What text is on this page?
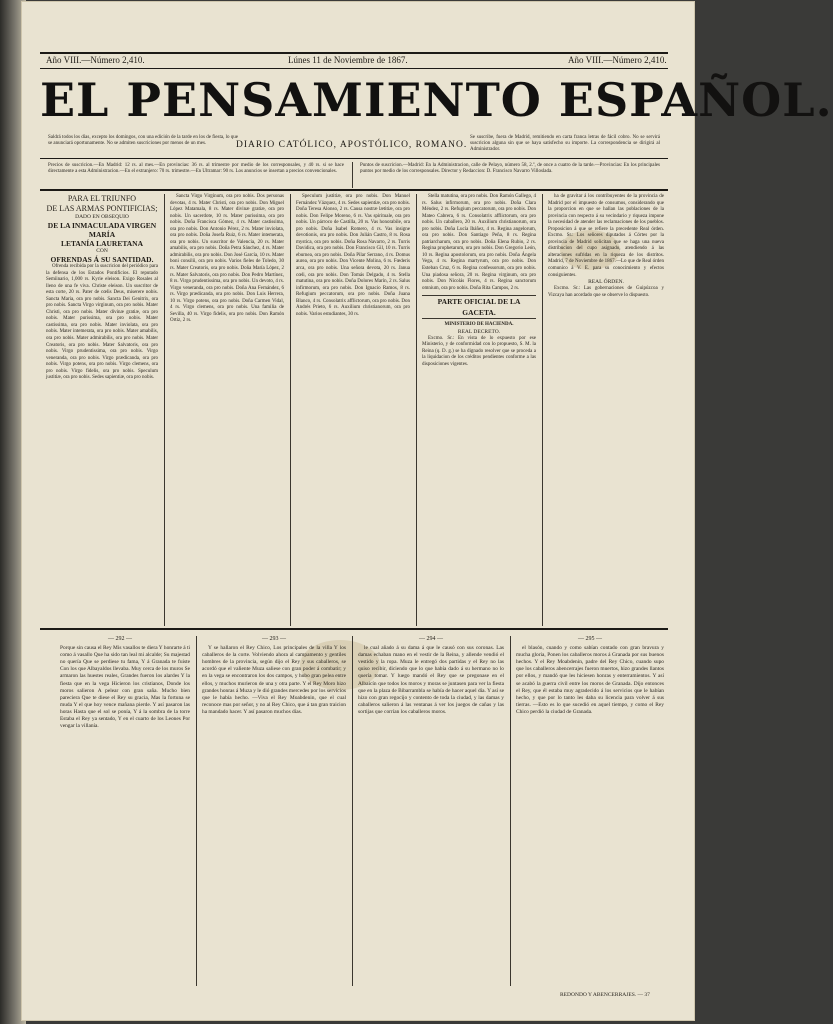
Año VIII.—Número 2,410.	Lúnes 11 de Noviembre de 1867.	Año VIII.—Número 2,410.
EL PENSAMIENTO ESPAÑOL.
Saldrá todos los días, excepto los domingos, con una edición de la tarde en los de fiesta, lo que se anunciará oportunamente. No se admiten suscriciones por menos de un mes.	DIARIO CATÓLICO, APOSTÓLICO, ROMANO.
Se suscribe, fuera de Madrid, remitiendo en carta franca letras de fácil cobro. No se servirá suscricion alguna sin que se haya satisfecho su importe. La correspondencia se dirigirá al Administrador.
Precios de suscricion.—En Madrid: 12 rs. al mes.—En provincias: 36 rs. al trimestre por medio de los corresponsales, y 40 rs. si se hace directamente a esta Administracion.—En el extranjero: 70 rs. trimestre.—En Ultramar: 90 rs. Los anuncios se insertan a precios convencionales.
Puntos de suscricion.—Madrid: En la Administracion, calle de Pelayo, número 58, 2.º, de once a cuatro de la tarde.—Provincias: En los principales puntos por medio de los corresponsales. Director y Redaccion: D. Francisco Navarro Villoslada.
PARA EL TRIUNFO
DE LAS ARMAS PONTIFICIAS;
DADO EN OBSEQUIO
DE LA INMACULADA VIRGEN MARÍA
LETANÍA LAURETANA
CON
OFRENDAS Á SU SANTIDAD.

Ofrenda recibida por la suscricion del periódico para la defensa de los Estados Pontificios. El reputado Semiinario, 1,000 rs. Kyrie eleison. Exigo Rosales al lleno de una fe viva. Christe eleison. Un suscritor de esta corte, 20 rs. Pater de cœlis Deus, miserere nobis. Sancta Maria, ora pro nobis. Sancta Dei Genitrix, ora pro nobis. Sancta Virgo virginum, ora pro nobis. Mater Christi, ora pro nobis. Mater divinæ gratiæ, ora pro nobis. Mater purissima, ora pro nobis. Mater castissima, ora pro nobis. Mater inviolata, ora pro nobis. Mater intemerata, ora pro nobis. Mater amabilis, ora pro nobis. Mater admirabilis, ora pro nobis. Mater Creatoris, ora pro nobis. Mater Salvatoris, ora pro nobis. Virgo prudentissima, ora pro nobis. Virgo veneranda, ora pro nobis. Virgo prædicanda, ora pro nobis. Virgo potens, ora pro nobis. Virgo clemens, ora pro nobis. Virgo fidelis, ora pro nobis. Speculum justitiæ, ora pro nobis. Sedes sapientiæ, ora pro nobis.

Sancta Virgo Virginum, ora pro nobis. Dos personas devotas, 4 rs. Mater Christi, ora pro nobis. Don Miguel López Matamala, 8 rs. Mater divinæ gratiæ, ora pro nobis. Un sacerdote, 10 rs. Mater purissima, ora pro nobis. Doña Francisca Gómez, 4 rs. Mater castissima, ora pro nobis. Don Antonio Pérez, 2 rs. Mater inviolata, ora pro nobis. Doña Josefa Ruiz, 6 rs. Mater intemerata, ora pro nobis. Un suscritor de Valencia, 20 rs. Mater amabilis, ora pro nobis. Doña Petra Sánchez, 4 rs. Mater admirabilis, ora pro nobis. Don José García, 10 rs. Mater boni consilii, ora pro nobis. Varios fieles de Toledo, 30 rs. Mater Creatoris, ora pro nobis. Doña María López, 2 rs. Mater Salvatoris, ora pro nobis. Don Pedro Martínez, 8 rs. Virgo prudentissima, ora pro nobis. Un devoto, 4 rs. Virgo veneranda, ora pro nobis. Doña Ana Fernández, 6 rs. Virgo prædicanda, ora pro nobis. Don Luis Herrera, 10 rs. Virgo potens, ora pro nobis. Doña Carmen Vidal, 4 rs. Virgo clemens, ora pro nobis. Una familia de Sevilla, 40 rs. Virgo fidelis, ora pro nobis. Don Ramón Ortiz, 2 rs.

Speculum justitiæ, ora pro nobis. Don Manuel Fernández Vázquez, 4 rs. Sedes sapientiæ, ora pro nobis. Doña Teresa Alonso, 2 rs. Causa nostræ lætitiæ, ora pro nobis. Don Felipe Moreno, 6 rs. Vas spirituale, ora pro nobis. Un párroco de Castilla, 20 rs. Vas honorabile, ora pro nobis. Doña Isabel Romero, 4 rs. Vas insigne devotionis, ora pro nobis. Don Julián Castro, 8 rs. Rosa mystica, ora pro nobis. Doña Rosa Navarro, 2 rs. Turris Davidica, ora pro nobis. Don Francisco Gil, 10 rs. Turris eburnea, ora pro nobis. Doña Pilar Serrano, 4 rs. Domus aurea, ora pro nobis. Don Vicente Molina, 6 rs. Fœderis arca, ora pro nobis. Una señora devota, 20 rs. Janua cœli, ora pro nobis. Don Tomás Delgado, 4 rs. Stella matutina, ora pro nobis. Doña Dolores Marín, 2 rs. Salus infirmorum, ora pro nobis. Don Ignacio Ramos, 8 rs. Refugium peccatorum, ora pro nobis. Doña Juana Blanco, 4 rs. Consolatrix afflictorum, ora pro nobis. Don Andrés Prieto, 6 rs. Auxilium christianorum, ora pro nobis. Varios estudiantes, 30 rs.

Stella matutina, ora pro nobis. Don Ramón Gallego, 4 rs. Salus infirmorum, ora pro nobis. Doña Clara Méndez, 2 rs. Refugium peccatorum, ora pro nobis. Don Mateo Cabrera, 6 rs. Consolatrix afflictorum, ora pro nobis. Un caballero, 20 rs. Auxilium christianorum, ora pro nobis. Doña Lucía Ibáñez, 4 rs. Regina angelorum, ora pro nobis. Don Santiago Peña, 8 rs. Regina patriarcharum, ora pro nobis. Doña Elena Rubio, 2 rs. Regina prophetarum, ora pro nobis. Don Gregorio León, 10 rs. Regina apostolorum, ora pro nobis. Doña Ángela Vega, 4 rs. Regina martyrum, ora pro nobis. Don Esteban Cruz, 6 rs. Regina confessorum, ora pro nobis. Una piadosa señora, 20 rs. Regina virginum, ora pro nobis. Don Nicolás Flores, 4 rs. Regina sanctorum omnium, ora pro nobis. Doña Rita Campos, 2 rs.

PARTE OFICIAL DE LA GACETA.
MINISTERIO DE HACIENDA.
REAL DECRETO.

Excmo. Sr.: En vista de lo expuesto por ese Ministerio, y de conformidad con lo propuesto, S. M. la Reina (q. D. g.) se ha dignado resolver que se proceda a la liquidacion de los créditos pendientes conforme a las disposiciones vigentes.

ha de gravitar á los contribuyentes de la provincia de Madrid por el impuesto de consumos, considerando que la proporcion en que se hallan las poblaciones de la provincia con respecto á su vecindario y riqueza impone la necesidad de atender las reclamaciones de los pueblos. Proposicion á que se refiere la precedente Real órden. Excmo. Sr.: Los señores diputados á Córtes por la provincia de Madrid solicitan que se haga una nueva distribucion del cupo asignado, atendiendo á las alteraciones sufridas en la riqueza de los distritos. Madrid, 7 de Noviembre de 1867.—Lo que de Real órden comunico á V. E. para su conocimiento y efectos consiguientes.

REAL ÓRDEN.

Excmo. Sr.: Las gobernaciones de Guipúzcoa y Vizcaya han acordado que se observe lo dispuesto.

— 292 —

Porque sin causa el Rey Mis vasallos te diera Y honrarte á ti como á vasallo Que ha sido tan leal mi alcalde; Su majestad no quería Que se perdiese tu fama, Y á Granada te fuiste Con los que Albayaldos llevaba. Muy cerca de los muros Se armaron las huestes reales, Grandes fueron los alardes Y la fiesta que en la vega Hicieron los cristianos, Donde los moros salieron A pelear con gran saña. Mucho bien pareciera Que te diese el Rey su gracia, Mas la fortuna se muda Y el que hoy vence mañana pierde. Y así pasaron las horas Hasta que el sol se ponía, Y á la sombra de la torre Estaba el Rey ya sentado, Y en el cuarto de los Leones Por vengar la villanía.

— 293 —

Y se hallaron el Rey Chico, Los principales de la villa Y los caballeros de la corte. Volviendo ahora al campamento y gentiles hombres de la provincia, según dijo el Rey y sus caballeros, se acordó que el valiente Muza saliese con gran poder á combatir; y en la vega se encontraron los dos campos, y hubo gran pelea entre ellos, y muchos murieron de una y otra parte. Y el Rey Moro hizo grandes honras á Muza y le dió grandes mercedes por los servicios que le había hecho. —Viva el Rey Moabdenin, que el cual reconoce mas por señor, y no al Rey Chico, que á tan gran traicion ha mandado hacer. Y así pasaron muchos días.

— 294 —

le cual añado á su dama á que le causó con sus coronas. Las damas echaban mano en el vestir de la Reina, y allende vendió el vestido y la ropa. Muza le entregó dos partidas y el Rey no las quiso recibir, diciendo que lo que había dado á su hermano no lo quería tomar. Y luego mandó el Rey que se pregonase en el Albaicín que todos los moros y moras se juntasen para ver la fiesta que en la plaza de Bibarrambla se había de hacer aquel día. Y así se hizo con gran regocijo y contento de toda la ciudad, y las damas y caballeros salieron á las ventanas á ver los juegos de cañas y las sortijas que corrían los caballeros moros.

— 295 —

el blasón, cuando y como sabían contado con gran bravura y mucha gloria, Ponen los caballeros moros á Granada por sus buenos hechos. Y el Rey Moabdenin, padre del Rey Chico, cuando supo que los caballeros abencerrajes fueron muertos, hizo grandes llantos por ellos, y mandó que les hiciesen honras y enterramientos. Y así se acabó la guerra civil entre los moros de Granada. Dijo entonces el Rey, que él estaba muy agradecido á los servicios que le habían hecho, y que por lo tanto les daba su licencia para volver á sus tierras. —Esto es lo que sucedió en aquel tiempo, y como el Rey Chico perdió la ciudad de Granada.

REDONDO Y ABENCERRAJES. — 37
